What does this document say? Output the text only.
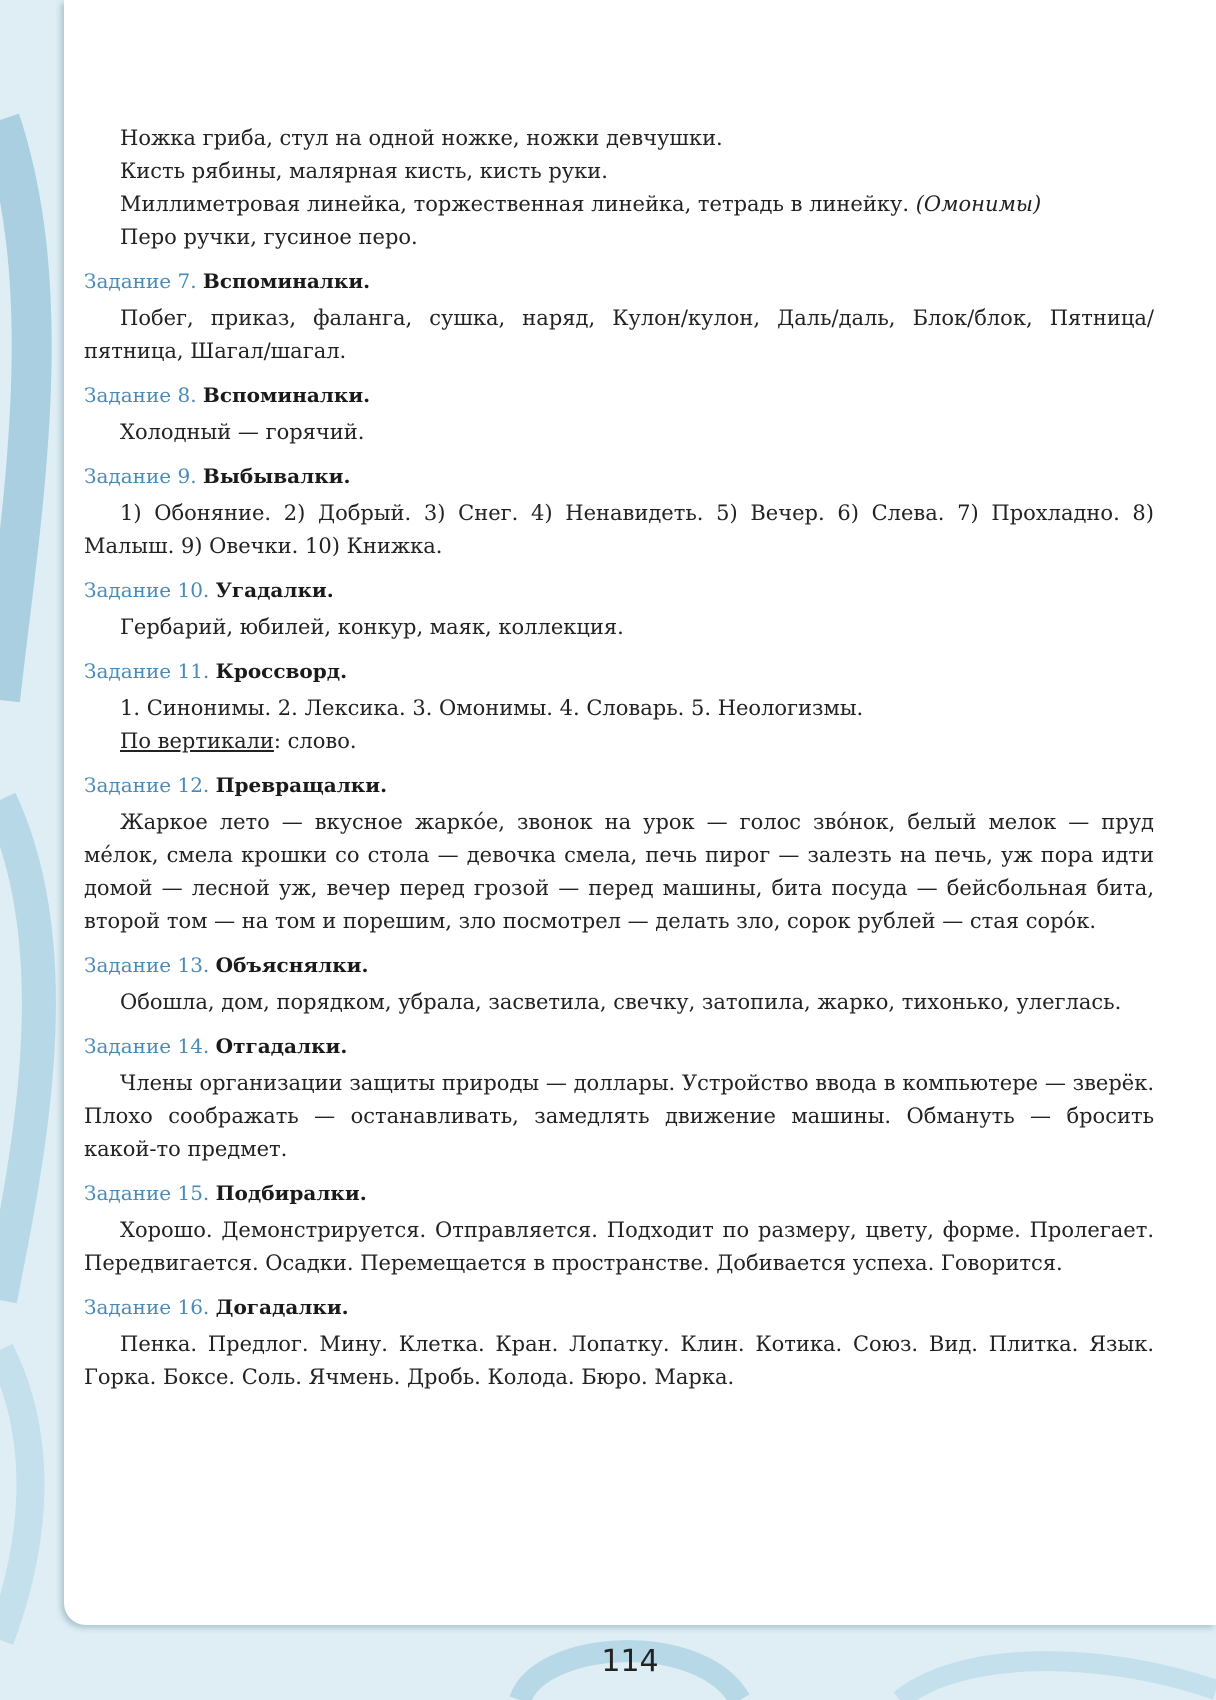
Ножка гриба, стул на одной ножке, ножки девчушки.

Кисть рябины, малярная кисть, кисть руки.

Миллиметровая линейка, торжественная линейка, тетрадь в линейку. (Омонимы)

Перо ручки, гусиное перо.

Задание 7. Вспоминалки.

Побег, приказ, фаланга, сушка, наряд, Кулон/кулон, Даль/даль, Блок/блок, Пятница/пятница, Шагал/шагал.

Задание 8. Вспоминалки.

Холодный — горячий.

Задание 9. Выбывалки.

1) Обоняние. 2) Добрый. 3) Снег. 4) Ненавидеть. 5) Вечер. 6) Слева. 7) Прохладно. 8) Малыш. 9) Овечки. 10) Книжка.

Задание 10. Угадалки.

Гербарий, юбилей, конкур, маяк, коллекция.

Задание 11. Кроссворд.

1. Синонимы. 2. Лексика. 3. Омонимы. 4. Словарь. 5. Неологизмы.

По вертикали: слово.

Задание 12. Превращалки.

Жаркое лето — вкусное жаркóе, звонок на урок — голос звóнок, белый мелок — пруд мéлок, смела крошки со стола — девочка смела, печь пирог — залезть на печь, уж пора идти домой — лесной уж, вечер перед грозой — перед машины, бита посуда — бейсбольная бита, второй том — на том и порешим, зло посмотрел — делать зло, сорок рублей — стая сорóк.

Задание 13. Объяснялки.

Обошла, дом, порядком, убрала, засветила, свечку, затопила, жарко, тихонько, улеглась.

Задание 14. Отгадалки.

Члены организации защиты природы — доллары. Устройство ввода в компьютере — зверёк. Плохо соображать — останавливать, замедлять движение машины. Обмануть — бросить какой-то предмет.

Задание 15. Подбиралки.

Хорошо. Демонстрируется. Отправляется. Подходит по размеру, цвету, форме. Пролегает. Передвигается. Осадки. Перемещается в пространстве. Добивается успеха. Говорится.

Задание 16. Догадалки.

Пенка. Предлог. Мину. Клетка. Кран. Лопатку. Клин. Котика. Союз. Вид. Плитка. Язык. Горка. Боксе. Соль. Ячмень. Дробь. Колода. Бюро. Марка.

114
